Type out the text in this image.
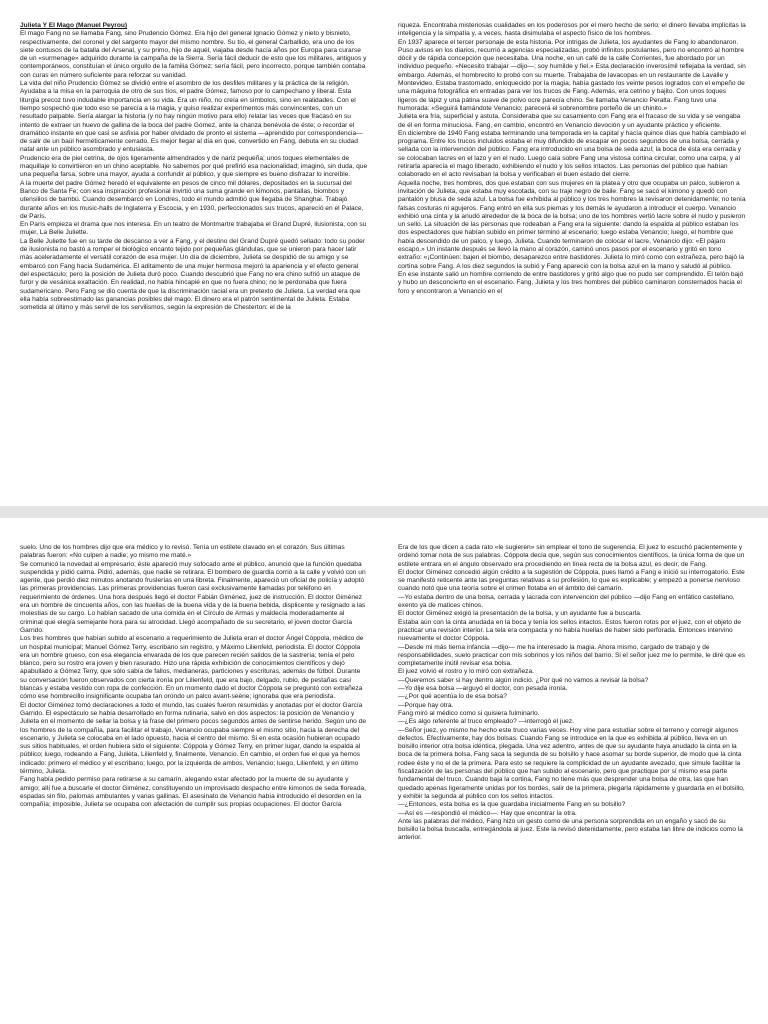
Julieta Y El Mago (Manuel Peyrou)

El mago Fang no se llamaba Fang, sino Prudencio Gómez. Era hijo del general Ignacio Gómez y nieto y bisnieto, respectivamente, del coronel y del sargento mayor del mismo nombre. Su tío, el general Carballido, era uno de los siete contusos de la batalla del Arsenal, y su primo, hijo de aquél, viajaba desde hacía años por Europa para curarse de un «surmenage» adquirido durante la campaña de la Sierra. Sería fácil deducir de esto que los militares, antiguos y contemporáneos, constituían el único orgullo de la familia Gómez; sería fácil, pero incorrecto, porque también contaba con curas en número suficiente para reforzar su vanidad.

La vida del niño Prudencio Gómez se dividió entre el asombro de los desfiles militares y la práctica de la religión. Ayudaba a la misa en la parroquia de otro de sus tíos, el padre Gómez, famoso por lo campechano y liberal. Esta liturgia precoz tuvo indudable importancia en su vida. Era un niño, no creía en símbolos, sino en realidades. Con el tiempo sospechó que todo eso se parecía a la magia, y quiso realizar experimentos más convincentes, con un resultado palpable. Sería alargar la historia (y no hay ningún motivo para ello) relatar las veces que fracasó en su intento de extraer un huevo de gallina de la boca del padre Gómez, ante la chanza benévola de éste; o recordar el dramático instante en que casi se asfixia por haber olvidado de pronto el sistema —aprendido por correspondencia— de salir de un baúl herméticamente cerrado. Es mejor llegar al día en que, convertido en Fang, debuta en su ciudad natal ante un público asombrado y entusiasta.

Prudencio era de piel cetrina, de ojos ligeramente almendrados y de nariz pequeña; unos toques elementales de maquillaje lo convirtieron en un chino aceptable. No sabemos por qué prefirió esa nacionalidad; imaginó, sin duda, que una pequeña farsa, sobre una mayor, ayuda a confundir al público, y que siempre es bueno disfrazar lo increíble.

A la muerte del padre Gómez heredó el equivalente en pesos de cinco mil dólares, depositados en la sucursal del Banco de Santa Fe; con esa inspiración profesional invirtió una suma grande en kimonos, pantallas, biombos y utensilios de bambú. Cuando desembarcó en Londres, todo el mundo admitió que llegaba de Shanghai. Trabajó durante años en los music-halls de Inglaterra y Escocia, y en 1930, perfeccionados sus trucos, apareció en el Palace, de París.

En París empieza el drama que nos interesa. En un teatro de Montmartre trabajaba el Grand Dupré, ilusionista, con su mujer, La Belle Juliette.

La Belle Juliette fue en su tarde de descanso a ver a Fang, y el destino del Grand Dupré quedó sellado: todo su poder de ilusionista no bastó a romper el biológico encanto tejido por pequeñas glándulas, que se unieron para hacer latir más aceleradamente el versátil corazón de esa mujer. Un día de diciembre, Julieta se despidió de su amigo y se embarcó con Fang hacia Sudamérica. El aditamento de una mujer hermosa mejoró la apariencia y el efecto general del espectáculo; pero la posición de Julieta duró poco. Cuando descubrió que Fang no era chino sufrió un ataque de furor y de vesánica exaltación. En realidad, no había hincapié en que no fuera chino; no le perdonaba que fuera sudamericano. Pero Fang se dio cuenta de que la discriminación racial era un pretexto de Julieta. La verdad era que ella había sobreestimado las ganancias posibles del mago. El dinero era el patrón sentimental de Julieta. Estaba sometida al último y más servil de los servilismos, según la expresión de Chesterton: el de la

riqueza. Encontraba misteriosas cualidades en los poderosos por el mero hecho de serlo; el dinero llevaba implícitas la inteligencia y la simpatía y, a veces, hasta disimulaba el aspecto físico de los hombres.

En 1937 aparece el tercer personaje de esta historia. Por intrigas de Julieta, los ayudantes de Fang lo abandonaron. Puso avisos en los diarios, recurrió a agencias especializadas, probó infinitos postulantes, pero no encontró al hombre dócil y de rápida concepción que necesitaba. Una noche, en un café de la calle Corrientes, fue abordado por un individuo pequeño. «Necesito trabajar —dijo—; soy humilde y fiel.» Esta declaración inverosímil reflejaba la verdad, sin embargo. Además, el hombrecito lo probó con su muerte. Trabajaba de lavacopas en un restaurante de Lavalle y Montevideo. Estaba trastornado, enloquecido por la magia; había gastado los veinte pesos logrados con el empeño de una máquina fotográfica en entradas para ver los trucos de Fang. Además, era cetrino y bajito. Con unos toques ligeros de lápiz y una pátina suave de polvo ocre parecía chino. Se llamaba Venancio Peralta. Fang tuvo una humorada: «Seguirá llamándote Venancio; parecerá el sobrenombre porteño de un chinito.»

Julieta era fría, superficial y astuta. Consideraba que su casamiento con Fang era el fracaso de su vida y se vengaba de él en forma minuciosa. Fang, en cambio, encontró en Venancio devoción y un ayudante práctico y eficiente.

En diciembre de 1940 Fang estaba terminando una temporada en la capital y hacía quince días que había cambiado el programa. Entre los trucos incluidos estaba el muy difundido de escapar en pocos segundos de una bolsa, cerrada y sellada con la intervención del público. Fang era introducido en una bolsa de seda azul; la boca de ésta era cerrada y se colocaban lacres en el lazo y en el nudo. Luego caía sobre Fang una vistosa cortina circular, como una carpa, y al retirarla aparecía el mago liberado, exhibiendo el nudo y los sellos intactos. Las personas del público que habían colaborado en el acto revisaban la bolsa y verificaban el buen estado del cierre.

Aquella noche, tres hombres, dos que estaban con sus mujeres en la platea y otro que ocupaba un palco, subieron a invitación de Julieta, que estaba muy escotada, con su traje negro de baile. Fang se sacó el kimono y quedó con pantalón y blusa de seda azul. La bolsa fue exhibida al público y los tres hombres la revisaron detenidamente; no tenía falsas costuras ni agujeros. Fang entró en ella sus piernas y los demás le ayudaron a introducir el cuerpo. Venancio exhibió una cinta y la anudó alrededor de la boca de la bolsa; uno de los hombres vertió lacre sobre el nudo y pusieron un sello. La situación de las personas que rodeaban a Fang era la siguiente: dando la espalda al público estaban los dos espectadores que habían subido en primer término al escenario; luego estaba Venancio; luego, el hombre que había descendido de un palco, y luego, Julieta. Cuando terminaron de colocar el lacre, Venancio dijo: «El pájaro escapó.» Un instante después se llevó la mano al corazón, caminó unos pasos por el escenario y gritó en tono extraño: «¡Continúen: bajen el biombo, desaparezco entre bastidores. Julieta lo miró como con extrañeza, pero bajó la cortina sobre Fang. A los diez segundos la subió y Fang apareció con la bolsa azul en la mano y saludó al público.

En ese instante salió un hombre corriendo de entre bastidores y gritó algo que no pudo ser comprendido. El telón bajó y hubo un desconcierto en el escenario. Fang, Julieta y los tres hombres del público caminaron consternados hacia el foro y encontraron a Venancio en el

suelo. Uno de los hombres dijo que era médico y lo revisó. Tenía un estilete clavado en el corazón. Sus últimas palabras fueron: «No culpen a nadie; yo mismo me maté.»

Se comunicó la novedad al empresario; éste apareció muy sofocado ante el público, anunció que la función quedaba suspendida y pidió calma. Pidió, además, que nadie se retirara. El bombero de guardia corrió a la calle y volvió con un agente, que perdió diez minutos anotando fruslerías en una libreta. Finalmente, apareció un oficial de policía y adoptó las primeras providencias. Las primeras providencias fueron casi exclusivamente llamadas por teléfono en requerimiento de órdenes. Una hora después llegó el doctor Fabián Giménez, juez de instrucción. El doctor Giménez era un hombre de cincuenta años, con las huellas de la buena vida y de la buena bebida, displicente y resignado a las molestias de su cargo. Lo habían sacado de una comida en el Círculo de Armas y maldecía moderadamente al criminal que elegía semejante hora para su atrocidad. Llegó acompañado de su secretario, el joven doctor García Garrido.

Los tres hombres que habían subido al escenario a requerimiento de Julieta eran el doctor Ángel Cóppola, médico de un hospital municipal; Manuel Gómez Terry, escribano sin registro, y Máximo Lilienfeld, periodista. El doctor Cóppola era un hombre grueso, con esa elegancia envarada de los que parecen recién salidos de la sastrería; tenía el pelo blanco, pero su rostro era joven y bien rasurado. Hizo una rápida exhibición de conocimientos científicos y dejó apabullado a Gómez Terry, que sólo sabía de fallos, medianeras, particiones y escrituras, además de fútbol. Durante su conversación fueron observados con cierta ironía por Lilienfeld, que era bajo, delgado, rubio, de pestañas casi blancas y estaba vestido con ropa de confección. En un momento dado el doctor Cóppola se preguntó con extrañeza cómo ese hombrecillo insignificante ocupaba tan orondo un palco avant-seène; ignoraba que era periodista.

El doctor Giménez tomó declaraciones a todo el mundo, las cuales fueron resumidas y anotadas por el doctor García Garrido. El espectáculo se había desarrollado en forma rutinaria, salvo en dos aspectos: la posición de Venancio y Julieta en el momento de sellar la bolsa y la frase del primero pocos segundos antes de sentirse herido. Según uno de los hombres de la compañía, para facilitar el trabajo, Venancio ocupaba siempre el mismo sitio, hacia la derecha del escenario, y Julieta se colocaba en el lado opuesto, hacia el centro del mismo. Si en esta ocasión hubieran ocupado sus sitios habituales, el orden hubiera sido el siguiente: Cóppola y Gómez Terry, en primer lugar, dando la espalda al público; luego, rodeando a Fang, Julieta, Lilienfeld y, finalmente, Venancio. En cambio, el orden fue el que ya hemos indicado: primero el médico y el escribano; luego, por la izquierda de ambos, Venancio; luego, Lilienfeld, y en último término, Julieta.

Fang había pedido permiso para retirarse a su camarín, alegando estar afectado por la muerte de su ayudante y amigo; allí fue a buscarle el doctor Giménez, constituyendo un improvisado despacho entre kimonos de seda floreada, espadas sin filo, palomas ambulantes y varias gallinas. El asesinato de Venancio había introducido el desorden en la compañía; imposible, Julieta se ocupaba con afectación de cumplir sus propias ocupaciones. El doctor García

Era de los que dicen a cada rato «le sugieren» sin emplear el tono de sugerencia. El juez lo escuchó pacientemente y ordenó tomar nota de sus palabras. Cóppola decía que, según sus conocimientos científicos, la única forma de que un estilete entrara en el ángulo observado era procediendo en línea recta de la bolsa azul, es decir, de Fang.

El doctor Giménez concedió algún crédito a la sugestión de Cóppola, pues llamó a Fang e inició su interrogatorio. Este se manifestó reticente ante las preguntas relativas a su profesión, lo que es explicable; y empezó a ponerse nervioso cuando notó que una teoría sobre el crimen flotaba en el ámbito del camarín.

—Yo estaba dentro de una bolsa, cerrada y lacrada con intervención del público —dijo Fang en enfático castellano, exento ya de matices chinos.

El doctor Giménez exigió la presentación de la bolsa, y un ayudante fue a buscarla.

Estaba aún con la cinta anudada en la boca y tenía los sellos intactos. Estos fueron rotos por el juez, con el objeto de practicar una revisión interior. La tela era compacta y no había huellas de haber sido perforada. Entonces intervino nuevamente el doctor Cóppola.

—Desde mi más tierna infancia —dijo— me ha interesado la magia. Ahora mismo, cargado de trabajo y de responsabilidades, suelo practicar con mis sobrinos y los niños del barrio. Si el señor juez me lo permite, le diré que es completamente inútil revisar esa bolsa.

El juez volvió el rostro y lo miró con extrañeza.

—Queremos saber si hay dentro algún indicio. ¿Por qué no vamos a revisar la bolsa?

—Yo dije esa bolsa —arguyó el doctor, con pesada ironía.

—¿Por qué acentúa lo de esa bolsa?

—Porque hay otra.

Fang miró al médico como si quisiera fulminarlo.

—¿Es algo referente al truco empleado? —interrogó el juez.

—Señor juez, yo mismo he hecho este truco varias veces. Hoy vine para estudiar sobre el terreno y corregir algunos defectos. Efectivamente, hay dos bolsas. Cuando Fang se introduce en la que es exhibida al público, lleva en un bolsillo interior otra bolsa idéntica, plegada. Una vez adentro, antes de que su ayudante haya anudado la cinta en la boca de la primera bolsa, Fang saca la segunda de su bolsillo y hace asomar su borde superior, de modo que la cinta rodee éste y no el de la primera. Para esto se requiere la complicidad de un ayudante avezado, que simule facilitar la fiscalización de las personas del público que han subido al escenario, pero que practique por sí mismo esa parte fundamental del truco. Cuando baja la cortina, Fang no tiene más que desprender una bolsa de otra, las que han quedado apenas ligeramente unidas por los bordes, salir de la primera, plegarla rápidamente y guardarla en el bolsillo, y exhibir la segunda al público con los sellos intactos.

—¿Entonces, esta bolsa es la que guardaba inicialmente Fang en su bolsillo?

—Así es —respondió el médico—. Hay que encontrar la otra.

Ante las palabras del médico, Fang hizo un gesto como de una persona sorprendida en un engaño y sacó de su bolsillo la bolsa buscada, entregándola al juez. Este la revisó detenidamente, pero estaba tan libre de indicios como la anterior.
